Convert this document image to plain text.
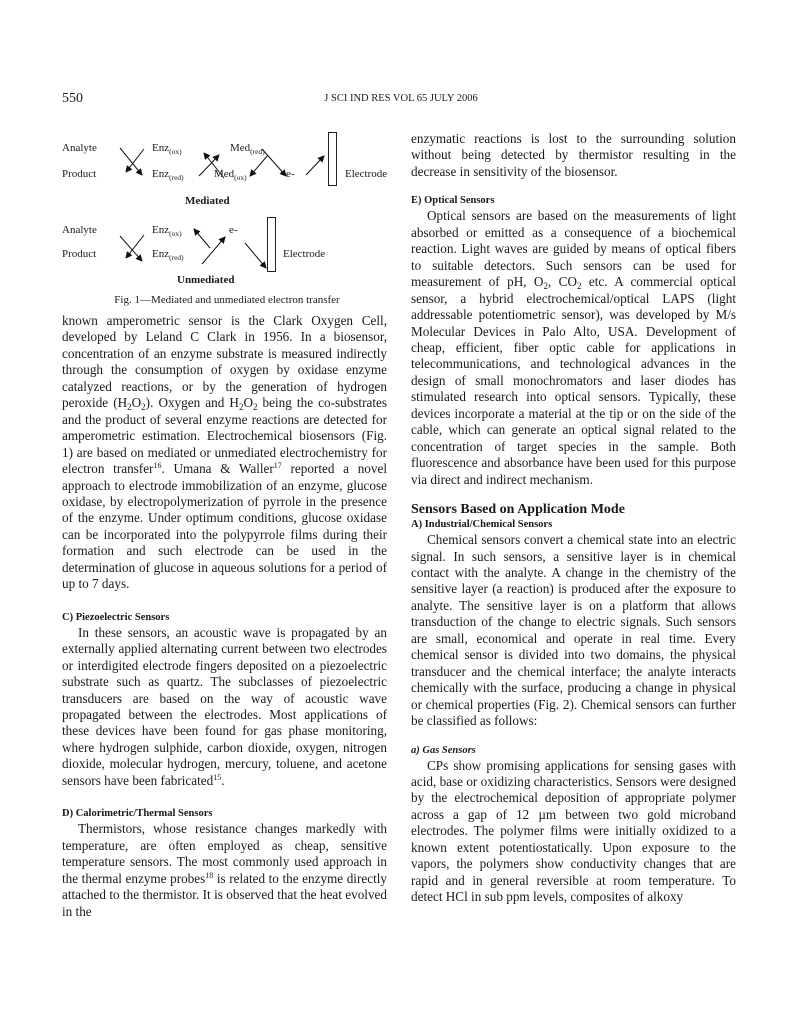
550	J SCI IND RES VOL 65 JULY 2006
Analyte
Product
Enz$_{(ox)}$
Enz$_{(red)}$
Med$_{(red)}$
Med$_{(ox)}$	e-	Electrode
Mediated
Analyte
Product
Enz$_{(ox)}$
Enz$_{(red)}$
e-
Electrode
Unmediated
Fig. 1—Mediated and unmediated electron transfer

known amperometric sensor is the Clark Oxygen Cell, developed by Leland C Clark in 1956. In a biosensor, concentration of an enzyme substrate is measured indirectly through the consumption of oxygen by oxidase enzyme catalyzed reactions, or by the generation of hydrogen peroxide $(H_2O_2)$. Oxygen and $H_2O_2$ being the co-substrates and the product of several enzyme reactions are detected for amperometric estimation. Electrochemical biosensors (Fig. 1) are based on mediated or unmediated electrochemistry for electron transfer$^{16}$. Umana & Waller$^{17}$ reported a novel approach to electrode immobilization of an enzyme, glucose oxidase, by electropolymerization of pyrrole in the presence of the enzyme. Under optimum conditions, glucose oxidase can be incorporated into the polypyrrole films during their formation and such electrode can be used in the determination of glucose in aqueous solutions for a period of up to 7 days.

C) Piezoelectric Sensors

In these sensors, an acoustic wave is propagated by an externally applied alternating current between two electrodes or interdigited electrode fingers deposited on a piezoelectric substrate such as quartz. The subclasses of piezoelectric transducers are based on the way of acoustic wave propagated between the electrodes. Most applications of these devices have been found for gas phase monitoring, where hydrogen sulphide, carbon dioxide, oxygen, nitrogen dioxide, molecular hydrogen, mercury, toluene, and acetone sensors have been fabricated$^{15}$.

D) Calorimetric/Thermal Sensors

Thermistors, whose resistance changes markedly with temperature, are often employed as cheap, sensitive temperature sensors. The most commonly used approach in the thermal enzyme probes$^{18}$ is related to the enzyme directly attached to the thermistor. It is observed that the heat evolved in the

enzymatic reactions is lost to the surrounding solution without being detected by thermistor resulting in the decrease in sensitivity of the biosensor.

E) Optical Sensors

Optical sensors are based on the measurements of light absorbed or emitted as a consequence of a biochemical reaction. Light waves are guided by means of optical fibers to suitable detectors. Such sensors can be used for measurement of pH, $O_2$, $CO_2$ etc. A commercial optical sensor, a hybrid electrochemical/optical LAPS (light addressable potentiometric sensor), was developed by M/s Molecular Devices in Palo Alto, USA. Development of cheap, efficient, fiber optic cable for applications in telecommunications, and technological advances in the design of small monochromators and laser diodes has stimulated research into optical sensors. Typically, these devices incorporate a material at the tip or on the side of the cable, which can generate an optical signal related to the concentration of target species in the sample. Both fluorescence and absorbance have been used for this purpose via direct and indirect mechanism.

Sensors Based on Application Mode

A) Industrial/Chemical Sensors

Chemical sensors convert a chemical state into an electric signal. In such sensors, a sensitive layer is in chemical contact with the analyte. A change in the chemistry of the sensitive layer (a reaction) is produced after the exposure to analyte. The sensitive layer is on a platform that allows transduction of the change to electric signals. Such sensors are small, economical and operate in real time. Every chemical sensor is divided into two domains, the physical transducer and the chemical interface; the analyte interacts chemically with the surface, producing a change in physical or chemical properties (Fig. 2). Chemical sensors can further be classified as follows:

a) Gas Sensors

CPs show promising applications for sensing gases with acid, base or oxidizing characteristics. Sensors were designed by the electrochemical deposition of appropriate polymer across a gap of 12 µm between two gold microband electrodes. The polymer films were initially oxidized to a known extent potentiostatically. Upon exposure to the vapors, the polymers show conductivity changes that are rapid and in general reversible at room temperature. To detect HCl in sub ppm levels, composites of alkoxy
